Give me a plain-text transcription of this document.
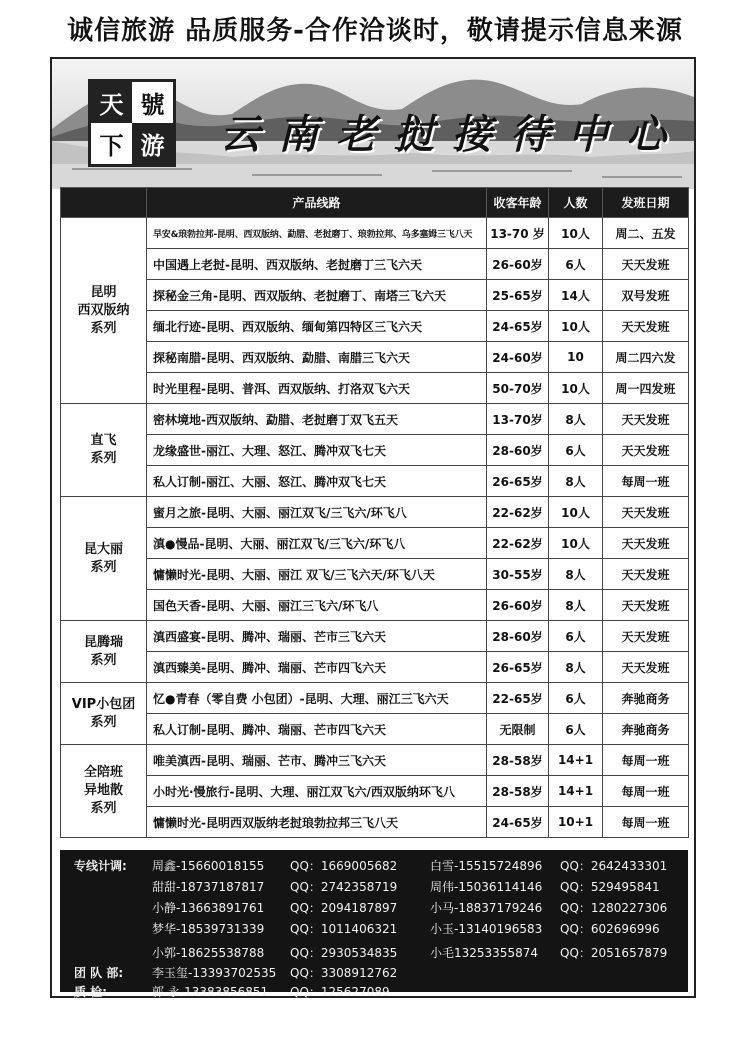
诚信旅游 品质服务-合作洽谈时，敬请提示信息来源
天 號
下 游 云南老挝接待中心
	产品线路	收客年龄	人数	发班日期
昆明
西双版纳
系列	早安&琅勃拉邦-昆明、西双版纳、勐腊、老挝磨丁、琅勃拉邦、乌多塞姆三飞八天	13-70 岁	10人	周二、五发
	中国遇上老挝-昆明、西双版纳、老挝磨丁三飞六天	26-60岁	6人	天天发班
	探秘金三角-昆明、西双版纳、老挝磨丁、南塔三飞六天	25-65岁	14人	双号发班
	缅北行迹-昆明、西双版纳、缅甸第四特区三飞六天	24-65岁	10人	天天发班
	探秘南腊-昆明、西双版纳、勐腊、南腊三飞六天	24-60岁	10	周二四六发
	时光里程-昆明、普洱、西双版纳、打洛双飞六天	50-70岁	10人	周一四发班
直飞
系列	密林境地-西双版纳、勐腊、老挝磨丁双飞五天	13-70岁	8人	天天发班
	龙缘盛世-丽江、大理、怒江、腾冲双飞七天	28-60岁	6人	天天发班
	私人订制-丽江、大丽、怒江、腾冲双飞七天	26-65岁	8人	每周一班
昆大丽
系列	蜜月之旅-昆明、大丽、丽江双飞/三飞六/环飞八	22-62岁	10人	天天发班
	滇●慢品-昆明、大丽、丽江双飞/三飞六/环飞八	22-62岁	10人	天天发班
	慵懒时光-昆明、大丽、丽江 双飞/三飞六天/环飞八天	30-55岁	8人	天天发班
	国色天香-昆明、大丽、丽江三飞六/环飞八	26-60岁	8人	天天发班
昆腾瑞
系列	滇西盛宴-昆明、腾冲、瑞丽、芒市三飞六天	28-60岁	6人	天天发班
	滇西臻美-昆明、腾冲、瑞丽、芒市四飞六天	26-65岁	8人	天天发班
VIP小包团
系列	忆●青春（零自费 小包团）-昆明、大理、丽江三飞六天	22-65岁	6人	奔驰商务
	私人订制-昆明、腾冲、瑞丽、芒市四飞六天	无限制	6人	奔驰商务
全陪班
异地散
系列	唯美滇西-昆明、瑞丽、芒市、腾冲三飞六天	28-58岁	14+1	每周一班
	小时光·慢旅行-昆明、大理、丽江双飞六/西双版纳环飞八	28-58岁	14+1	每周一班
	慵懒时光-昆明西双版纳老挝琅勃拉邦三飞八天	24-65岁	10+1	每周一班
专线计调: 周鑫-15660018155 QQ：1669005682	白雪-15515724896 QQ：2642433301
甜甜-18737187817 QQ：2742358719	周伟-15036114146 QQ：529495841
小静-13663891761 QQ：2094187897	小马-18837179246 QQ：1280227306
梦华-18539731339 QQ：1011406321	小玉-13140196583 QQ：602696996
小郭-18625538788 QQ：2930534835	小毛13253355874 QQ：2051657879
团 队 部: 李玉玺-13393702535 QQ：3308912762
质 检:	郭 永-13383856851 QQ：125627089
